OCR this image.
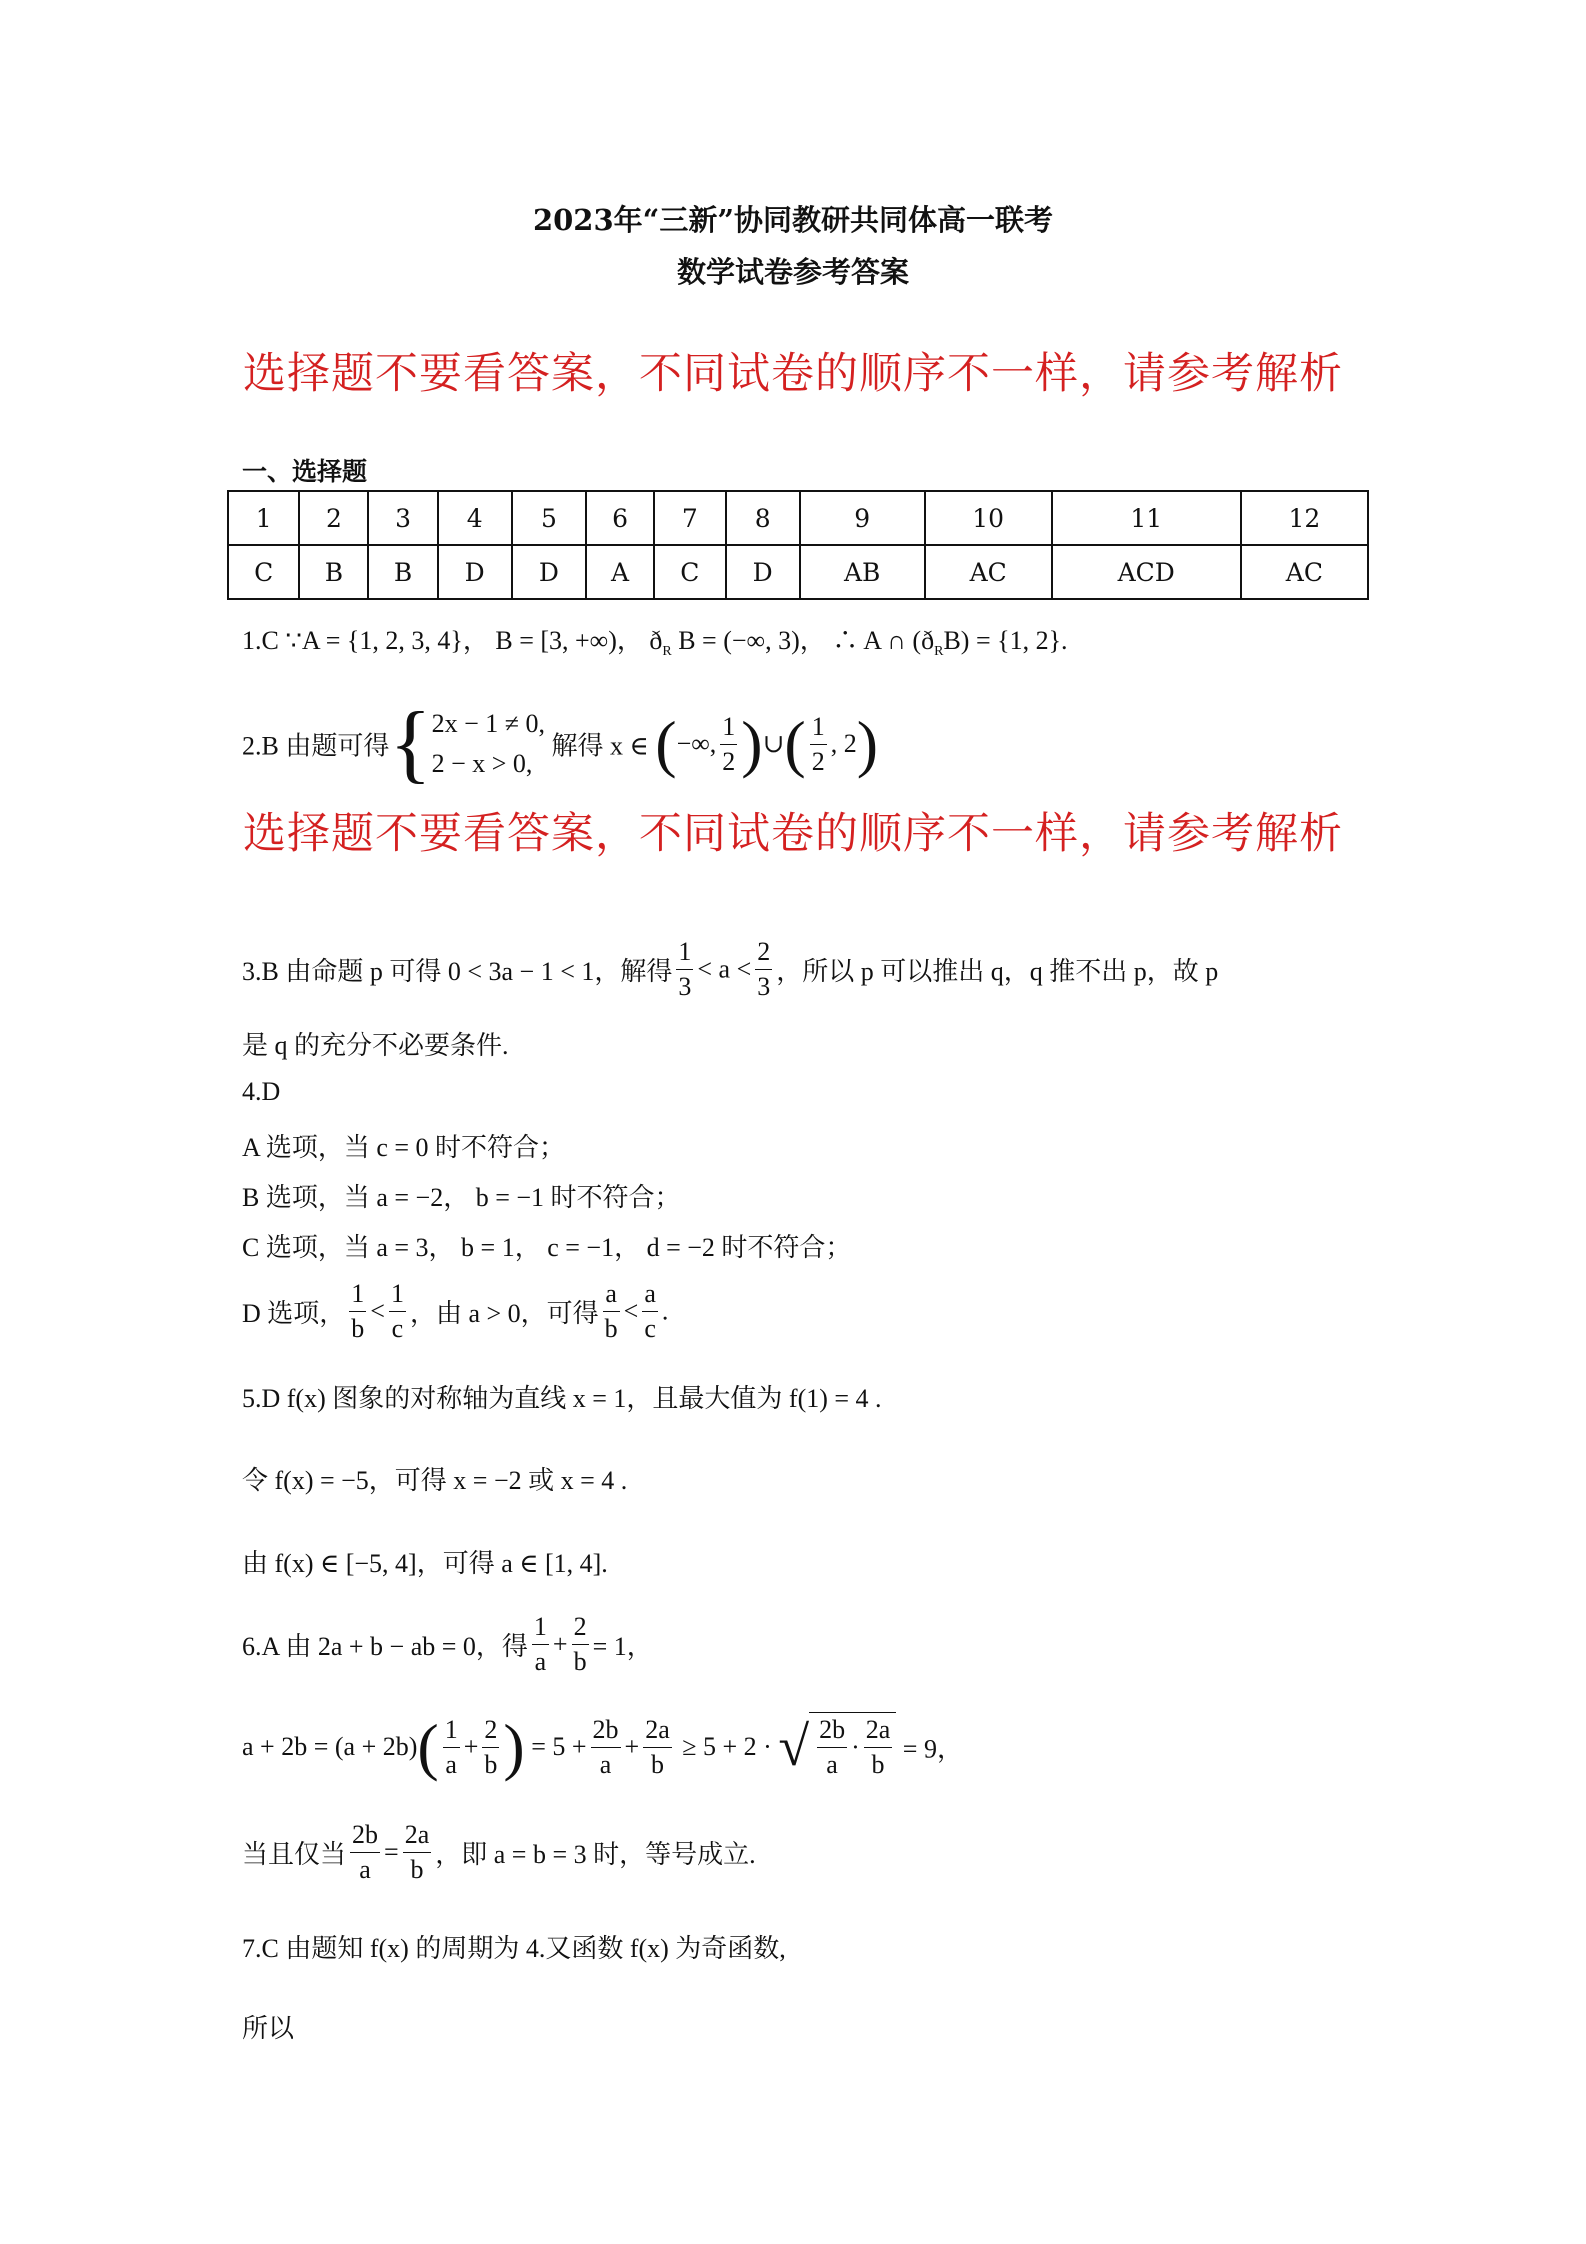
2023年“三新”协同教研共同体高一联考
数学试卷参考答案
选择题不要看答案，不同试卷的顺序不一样，请参考解析
一、选择题
1	2	3	4	5	6	7	8	9	10	11	12
C	B	B	D	D	A	C	D	AB	AC	ACD	AC
1.C ∵A = {1, 2, 3, 4}， B = [3, +∞)， $ð_R$ B = (−∞, 3)， ∴ A ∩ $(ð_RB) = \{1$, 2}.
2.B 由题可得{ 2x − 1 ≠ 0,
2 − x > 0,
解得 x ∈ (−∞, $\frac{1}{2}$ )∪( $\frac{1}{2}$ , 2)
选择题不要看答案，不同试卷的顺序不一样，请参考解析
3.B 由命题 p 可得 0 < 3a − 1 < 1，解得 $\frac{1}{3} < a < \frac{2}{3}$ ，所以 p 可以推出 q，q 推不出 p，故 p
是 q 的充分不必要条件.
4.D
A 选项，当 c = 0 时不符合；
B 选项，当 a = −2， b = −1 时不符合；
C 选项，当 a = 3， b = 1， c = −1， d = −2 时不符合；
D 选项， $\frac{1}{b} < \frac{1}{c}$ ，由 a > 0，可得 $\frac{a}{b} < \frac{a}{c}$ .
5.D f(x) 图象的对称轴为直线 x = 1，且最大值为 f(1) = 4 .
令 f(x) = −5，可得 x = −2 或 x = 4 .
由 f(x) ∈ [−5, 4]，可得 a ∈ [1, 4].
6.A 由 2a + b − ab = 0，得 $\frac{1}{a} + \frac{2}{b} = 1$，
$a + 2b = (a + 2b)( \frac{1}{a} + \frac{2}{b}$ ) = $5 + \frac{2b}{a} + \frac{2a}{b} \ge 5 + 2$ · √ $\frac{2b}{a} \cdot \frac{2a}{b} = 9$，
当且仅当 $\frac{2b}{a} = \frac{2a}{b}$ ，即 a = b = 3 时，等号成立.
7.C 由题知 f(x) 的周期为 4.又函数 f(x) 为奇函数,
所以
